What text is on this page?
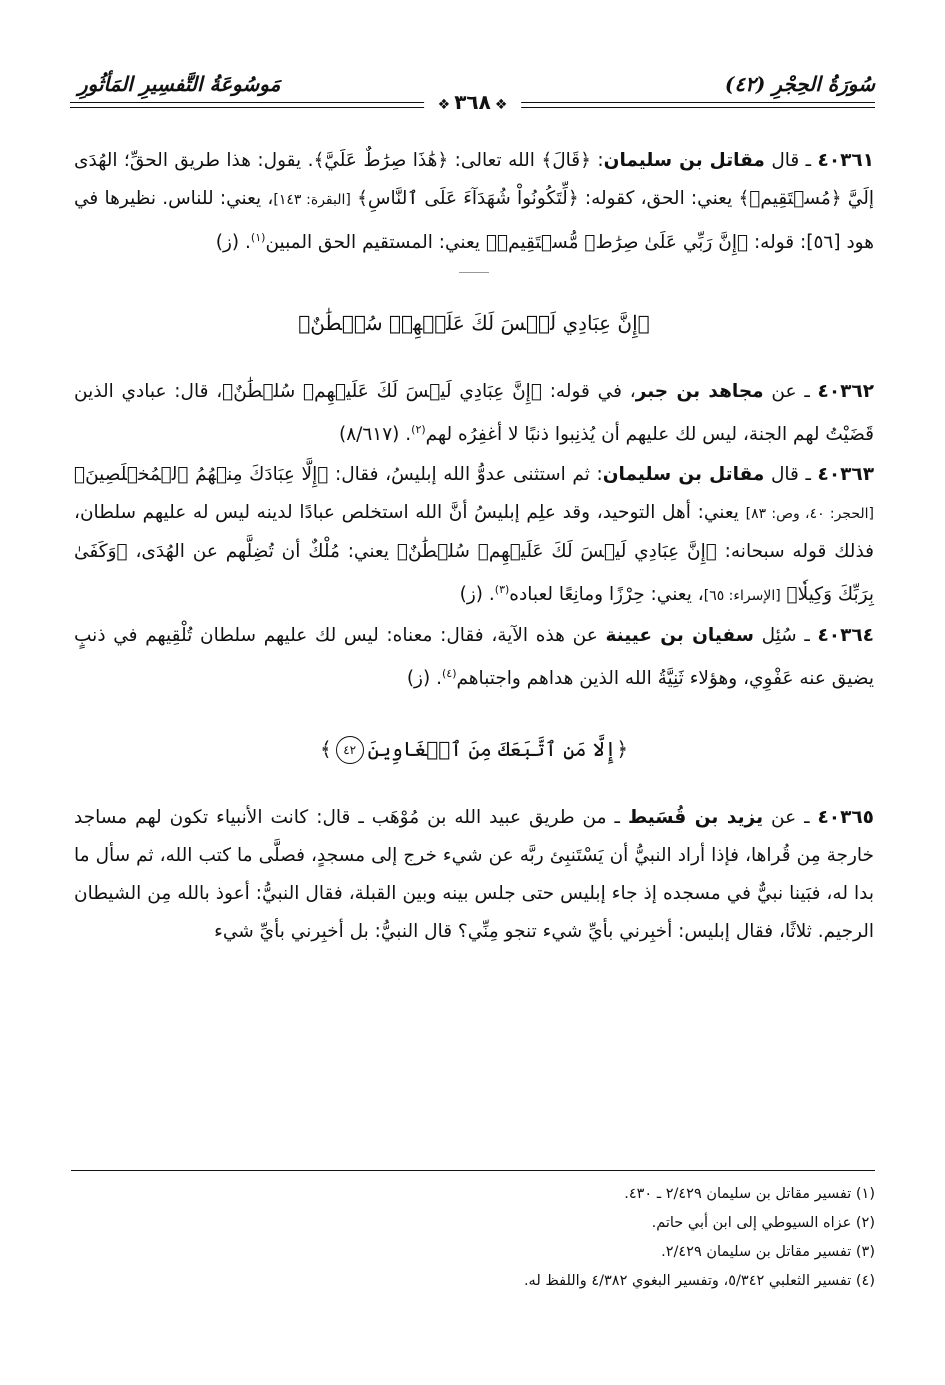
سُورَةُ الحِجْرِ (٤٢)
مَوسُوعَةُ التَّفسِيرِ المَأثُورِ
❖٣٦٨❖

٤٠٣٦١ ـ قال مقاتل بن سليمان: ﴿قَالَ﴾ الله تعالى: ﴿هَٰذَا صِرَٰطٌ عَلَيَّ﴾. يقول: هذا طريق الحقِّ؛ الهُدَى إلَيَّ ﴿مُسۡتَقِيمٞ﴾ يعني: الحق، كقوله: ﴿لِّتَكُونُواْ شُهَدَآءَ عَلَى ٱلنَّاسِ﴾ [البقرة: ١٤٣]، يعني: للناس. نظيرها في هود [٥٦]: قوله: ﴿إِنَّ رَبِّي عَلَىٰ صِرَٰطٖ مُّسۡتَقِيمٖ﴾ يعني: المستقيم الحق المبين$^{(١)}$. (ز)

﴿إِنَّ عِبَادِي لَيۡسَ لَكَ عَلَيۡهِمۡ سُلۡطَٰنٌ﴾

٤٠٣٦٢ ـ عن مجاهد بن جبر، في قوله: ﴿إِنَّ عِبَادِي لَيۡسَ لَكَ عَلَيۡهِمۡ سُلۡطَٰنٌ﴾، قال: عبادي الذين قَضَيْتُ لهم الجنة، ليس لك عليهم أن يُذنِبوا ذنبًا لا أغفِرُه لهم$^{(٢)}$. (٨/٦١٧)

٤٠٣٦٣ ـ قال مقاتل بن سليمان: ثم استثنى عدوُّ الله إبليسُ، فقال: ﴿إِلَّا عِبَادَكَ مِنۡهُمُ ٱلۡمُخۡلَصِينَ﴾ [الحجر: ٤٠، وص: ٨٣] يعني: أهل التوحيد، وقد علِم إبليسُ أنَّ الله استخلص عبادًا لدينه ليس له عليهم سلطان، فذلك قوله سبحانه: ﴿إِنَّ عِبَادِي لَيۡسَ لَكَ عَلَيۡهِمۡ سُلۡطَٰنٌ﴾ يعني: مُلْكٌ أن تُضِلَّهم عن الهُدَى، ﴿وَكَفَىٰ بِرَبِّكَ وَكِيلٗا﴾ [الإسراء: ٦٥]، يعني: حِرْزًا ومانِعًا لعباده$^{(٣)}$. (ز)

٤٠٣٦٤ ـ سُئِل سفيان بن عيينة عن هذه الآية، فقال: معناه: ليس لك عليهم سلطان تُلْقِيهم في ذنبٍ يضيق عنه عَفْوِي، وهؤلاء ثَنِيَّةُ الله الذين هداهم واجتباهم$^{(٤)}$. (ز)

﴿إِلَّا مَنِ ٱتَّبَعَكَ مِنَ ٱلۡغَاوِينَ٤٢﴾

٤٠٣٦٥ ـ عن يزيد بن قُسَيط ـ من طريق عبيد الله بن مُوْهَب ـ قال: كانت الأنبياء تكون لهم مساجد خارجة مِن قُراها، فإذا أراد النبيُّ أن يَسْتَنبِئ ربَّه عن شيء خرج إلى مسجدٍ، فصلَّى ما كتب الله، ثم سأل ما بدا له، فبَينا نبيٌّ في مسجده إذ جاء إبليس حتى جلس بينه وبين القبلة، فقال النبيُّ: أعوذ بالله مِن الشيطان الرجيم. ثلاثًا، فقال إبليس: أخبِرني بأيِّ شيء تنجو مِنِّي؟ قال النبيُّ: بل أخبِرني بأيِّ شيء

(١) تفسير مقاتل بن سليمان ٢/٤٢٩ ـ ٤٣٠.

(٢) عزاه السيوطي إلى ابن أبي حاتم.

(٣) تفسير مقاتل بن سليمان ٢/٤٢٩.

(٤) تفسير الثعلبي ٥/٣٤٢، وتفسير البغوي ٤/٣٨٢ واللفظ له.
